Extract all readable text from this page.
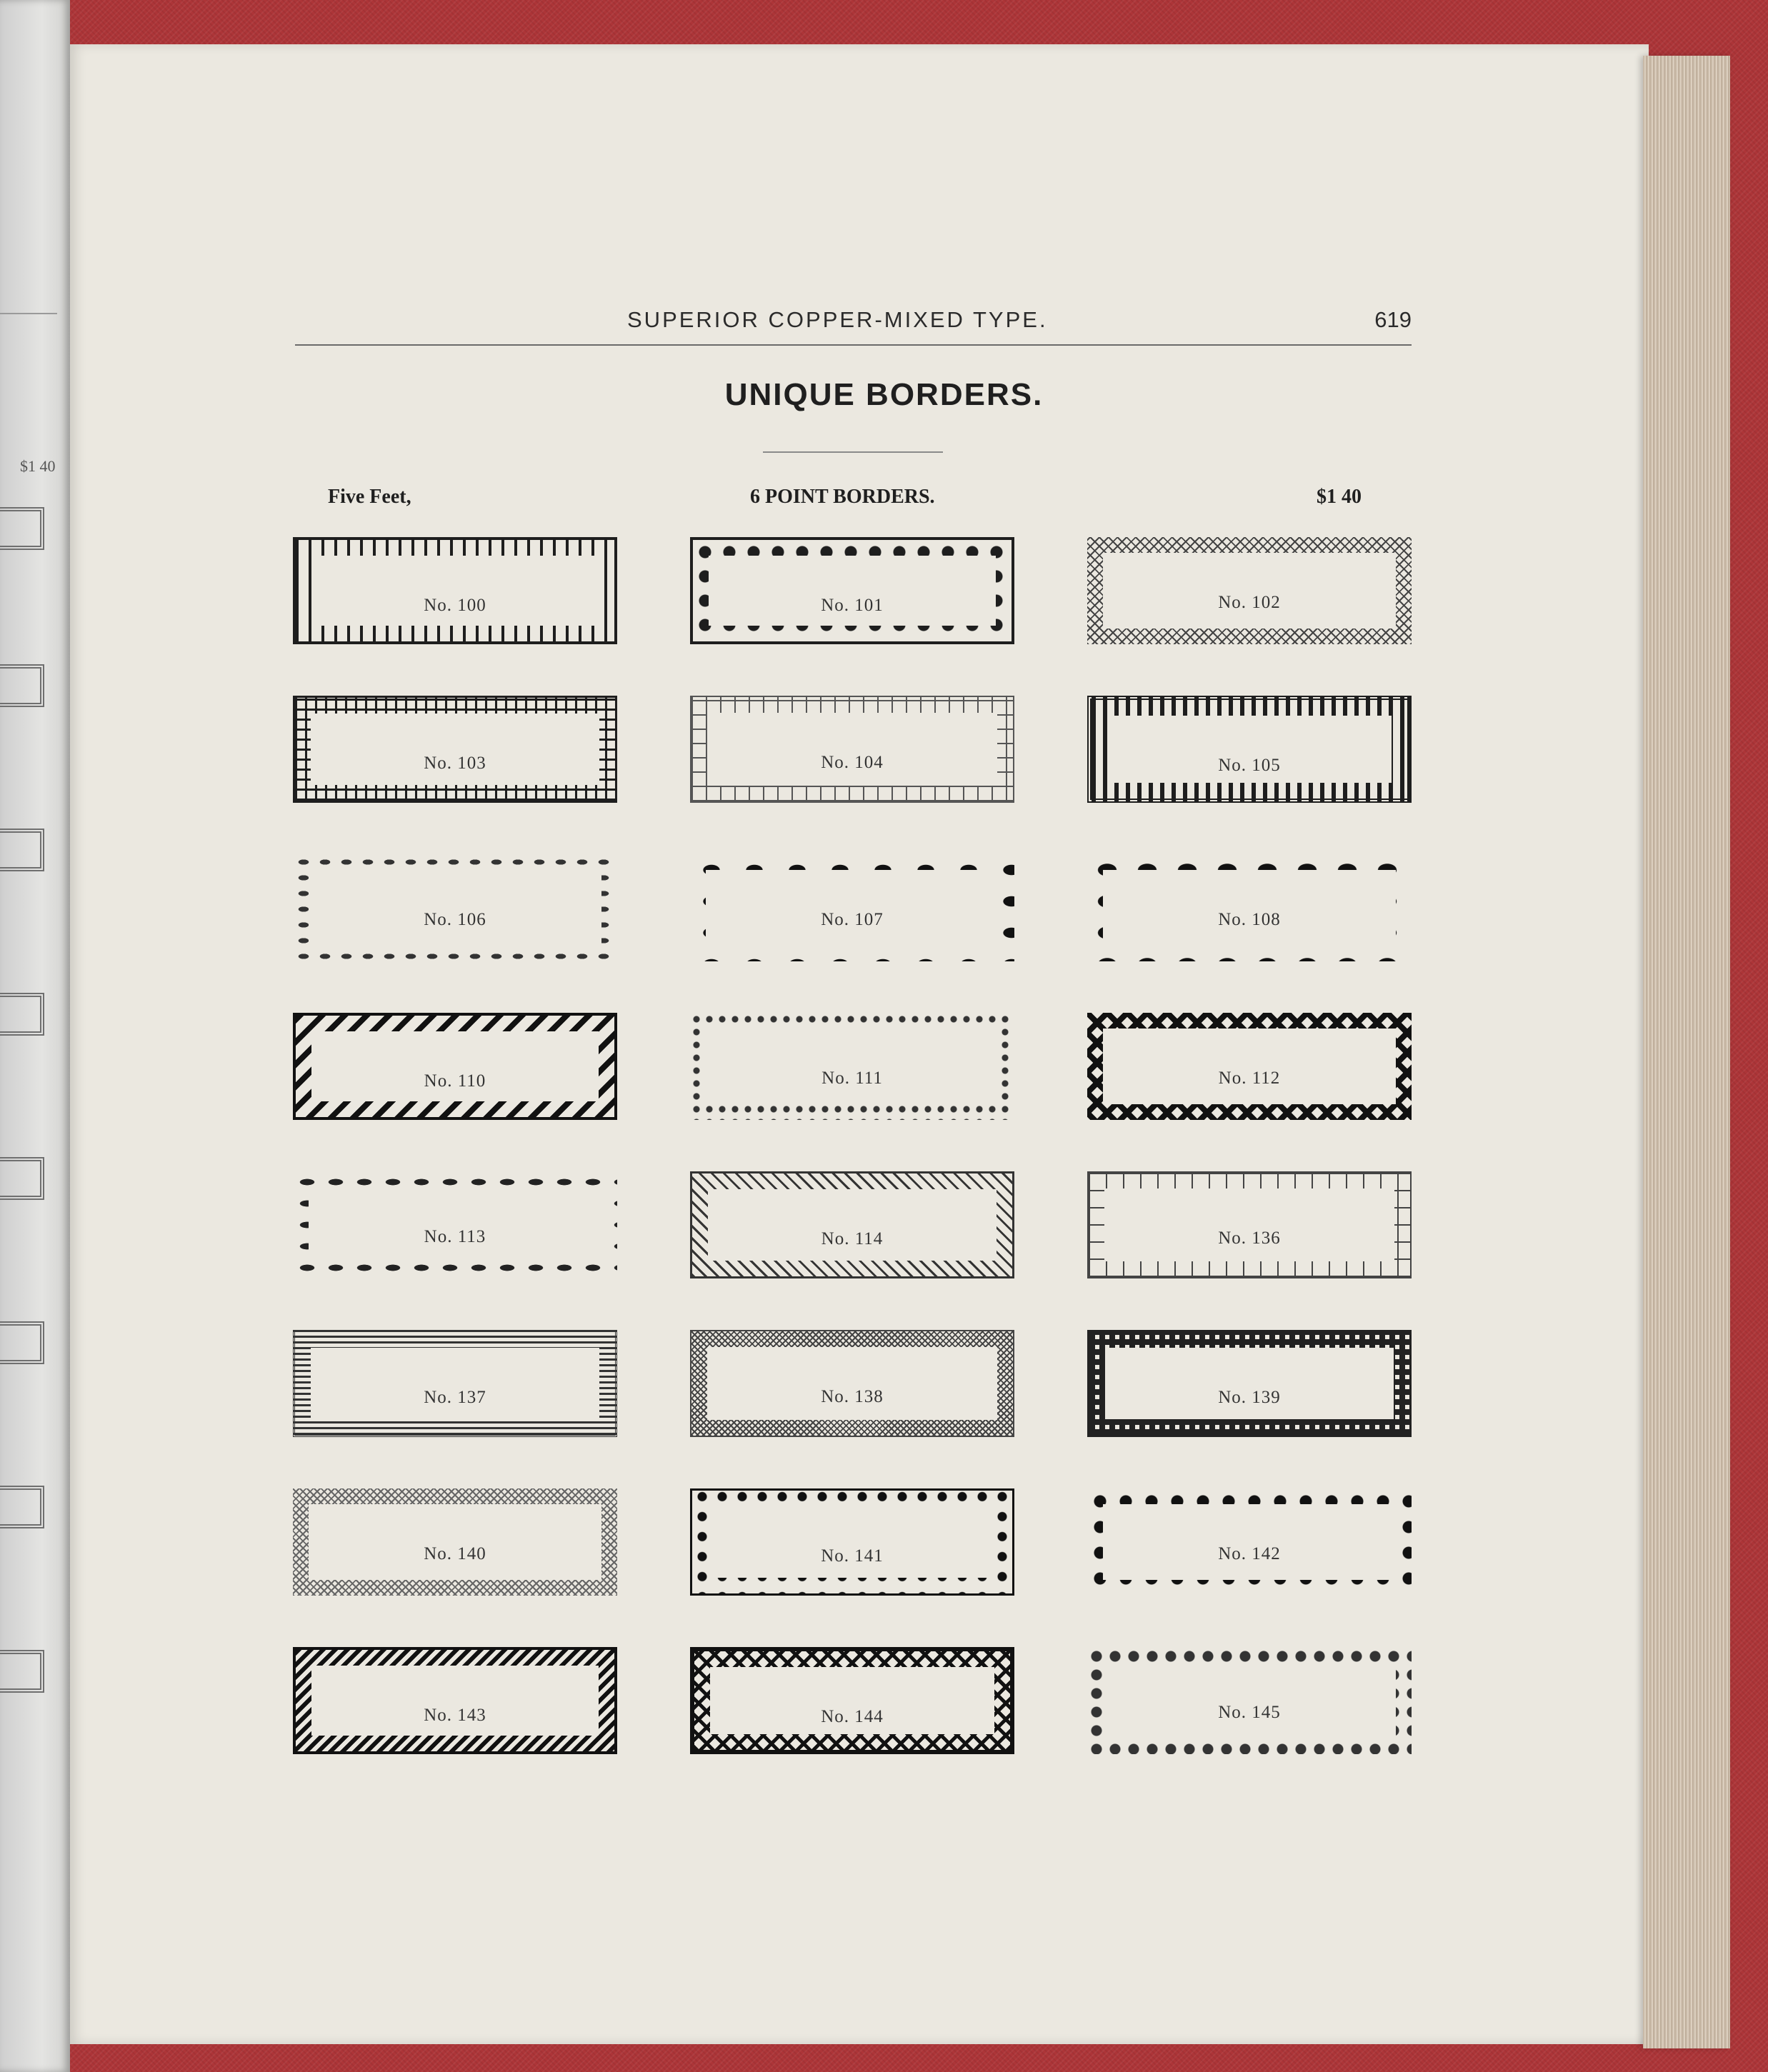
$1 40
SUPERIOR COPPER-MIXED TYPE.	619
UNIQUE BORDERS.
Five Feet,	6 POINT BORDERS.	$1 40
No. 100	No. 101	No. 102
No. 103	No. 104	No. 105
No. 106	No. 107	No. 108
No. 110	No. 111	No. 112
No. 113	No. 114	No. 136
No. 137	No. 138	No. 139
No. 140	No. 141	No. 142
No. 143	No. 144	No. 145
